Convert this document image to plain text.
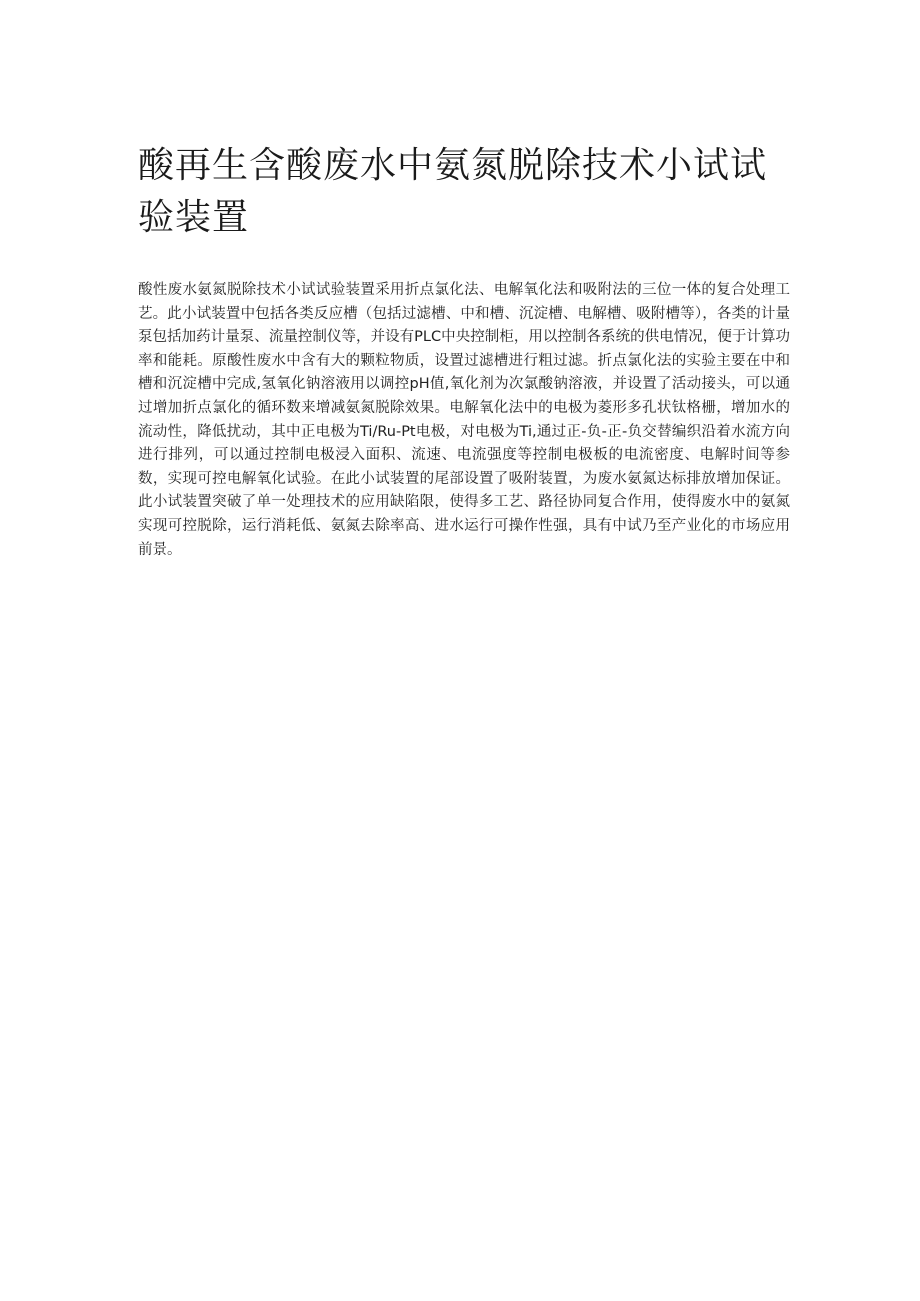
酸再生含酸废水中氨氮脱除技术小试试验装置

酸性废水氨氮脱除技术小试试验装置采用折点氯化法、电解氧化法和吸附法的三位一体的复合处理工艺。此小试装置中包括各类反应槽（包括过滤槽、中和槽、沉淀槽、电解槽、吸附槽等），各类的计量泵包括加药计量泵、流量控制仪等，并设有PLC中央控制柜，用以控制各系统的供电情况，便于计算功率和能耗。原酸性废水中含有大的颗粒物质，设置过滤槽进行粗过滤。折点氯化法的实验主要在中和槽和沉淀槽中完成,氢氧化钠溶液用以调控pH值,氧化剂为次氯酸钠溶液，并设置了活动接头，可以通过增加折点氯化的循环数来增减氨氮脱除效果。电解氧化法中的电极为菱形多孔状钛格栅，增加水的流动性，降低扰动，其中正电极为Ti/Ru-Pt电极，对电极为Ti,通过正-负-正-负交替编织沿着水流方向进行排列，可以通过控制电极浸入面积、流速、电流强度等控制电极板的电流密度、电解时间等参数，实现可控电解氧化试验。在此小试装置的尾部设置了吸附装置，为废水氨氮达标排放增加保证。此小试装置突破了单一处理技术的应用缺陷限，使得多工艺、路径协同复合作用，使得废水中的氨氮实现可控脱除，运行消耗低、氨氮去除率高、进水运行可操作性强，具有中试乃至产业化的市场应用前景。
